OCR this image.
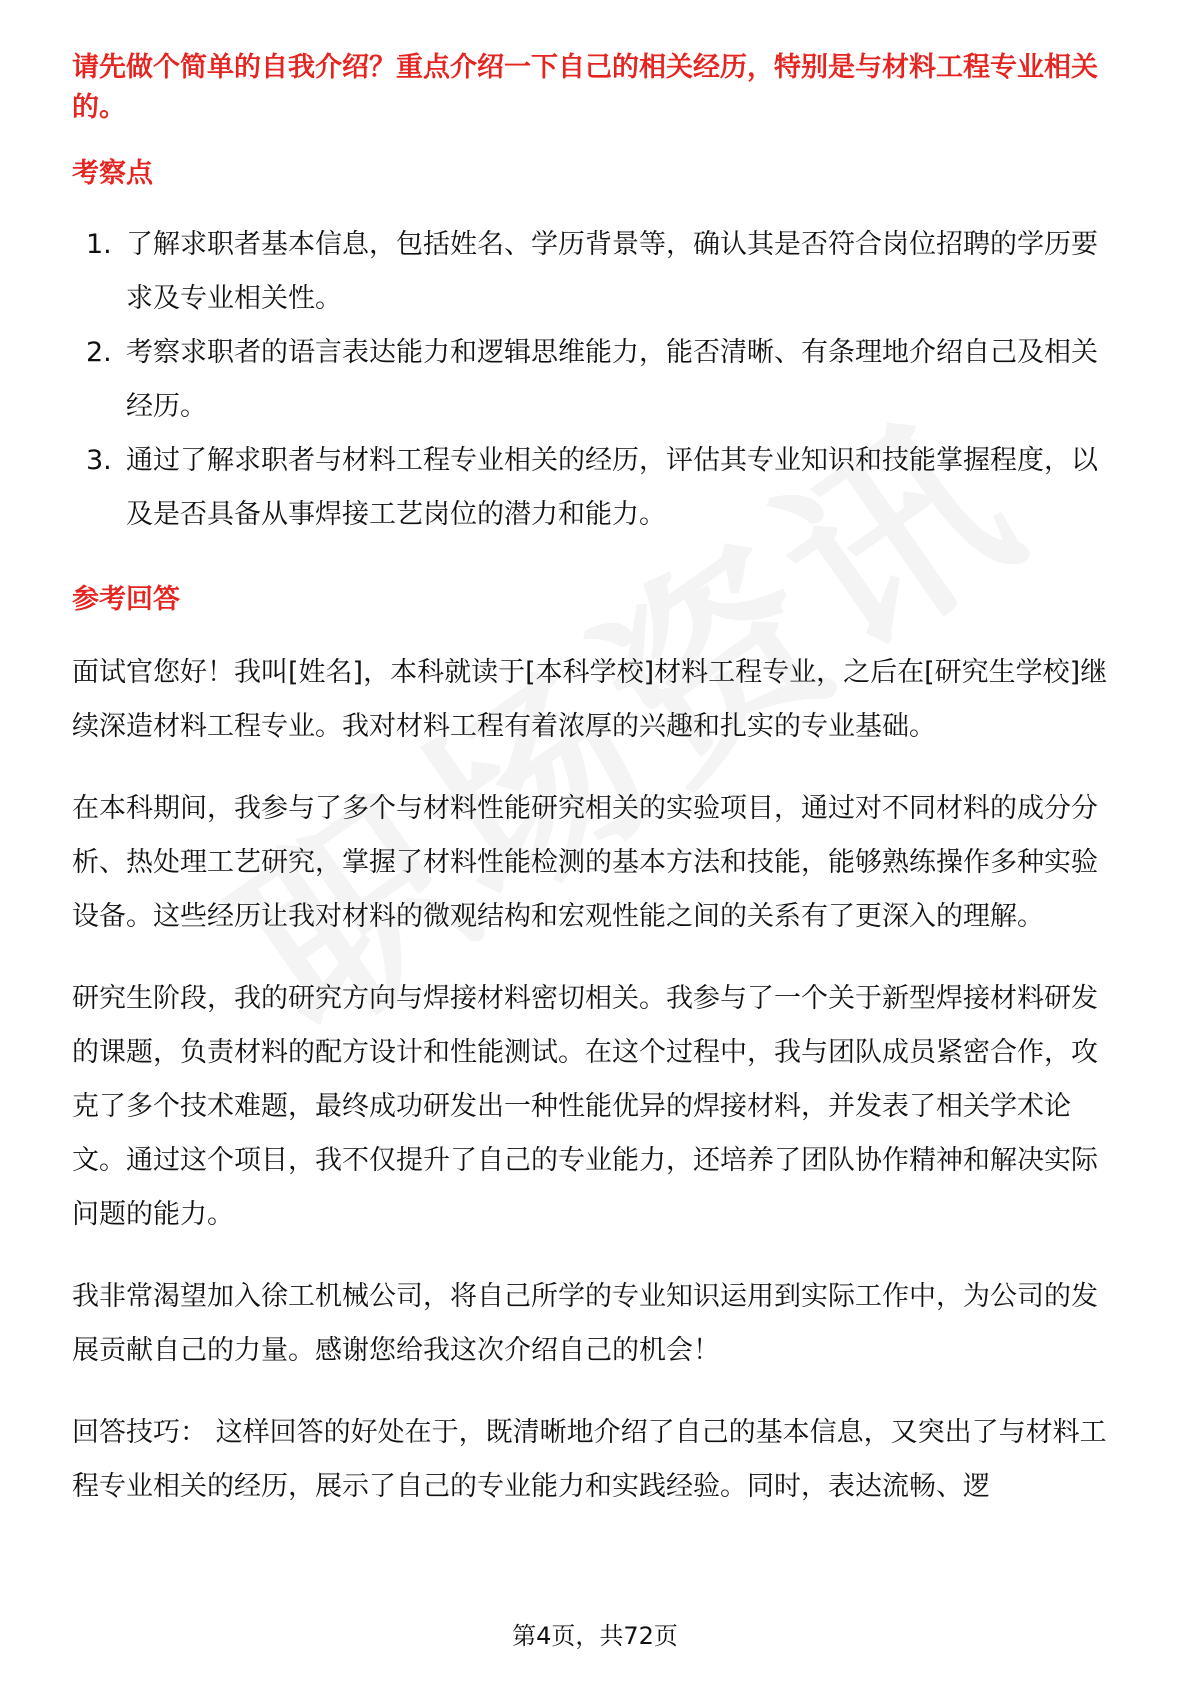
请先做个简单的自我介绍？重点介绍一下自己的相关经历，特别是与材料工程专业相关的。

考察点
1. 了解求职者基本信息，包括姓名、学历背景等，确认其是否符合岗位招聘的学历要求及专业相关性。
2. 考察求职者的语言表达能力和逻辑思维能力，能否清晰、有条理地介绍自己及相关经历。
3. 通过了解求职者与材料工程专业相关的经历，评估其专业知识和技能掌握程度，以及是否具备从事焊接工艺岗位的潜力和能力。
参考回答

面试官您好！我叫[姓名]，本科就读于[本科学校]材料工程专业，之后在[研究生学校]继续深造材料工程专业。我对材料工程有着浓厚的兴趣和扎实的专业基础。

在本科期间，我参与了多个与材料性能研究相关的实验项目，通过对不同材料的成分分析、热处理工艺研究，掌握了材料性能检测的基本方法和技能，能够熟练操作多种实验设备。这些经历让我对材料的微观结构和宏观性能之间的关系有了更深入的理解。

研究生阶段，我的研究方向与焊接材料密切相关。我参与了一个关于新型焊接材料研发的课题，负责材料的配方设计和性能测试。在这个过程中，我与团队成员紧密合作，攻克了多个技术难题，最终成功研发出一种性能优异的焊接材料，并发表了相关学术论文。通过这个项目，我不仅提升了自己的专业能力，还培养了团队协作精神和解决实际问题的能力。

我非常渴望加入徐工机械公司，将自己所学的专业知识运用到实际工作中，为公司的发展贡献自己的力量。感谢您给我这次介绍自己的机会！

回答技巧： 这样回答的好处在于，既清晰地介绍了自己的基本信息，又突出了与材料工程专业相关的经历，展示了自己的专业能力和实践经验。同时，表达流畅、逻

第4页，共72页
